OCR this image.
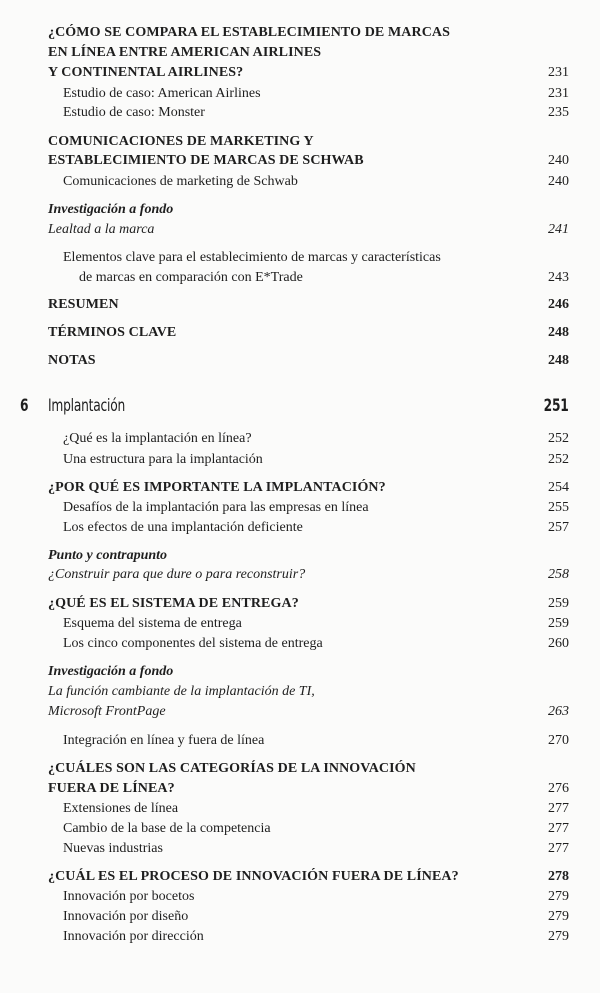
¿CÓMO SE COMPARA EL ESTABLECIMIENTO DE MARCAS
EN LÍNEA ENTRE AMERICAN AIRLINES
Y CONTINENTAL AIRLINES?	231
Estudio de caso: American Airlines	231
Estudio de caso: Monster	235
COMUNICACIONES DE MARKETING Y
ESTABLECIMIENTO DE MARCAS DE SCHWAB	240
Comunicaciones de marketing de Schwab	240
Investigación a fondo
Lealtad a la marca	241
Elementos clave para el establecimiento de marcas y características
de marcas en comparación con E*Trade	243
RESUMEN	246
TÉRMINOS CLAVE	248
NOTAS	248
6 Implantación	251
¿Qué es la implantación en línea?	252
Una estructura para la implantación	252
¿POR QUÉ ES IMPORTANTE LA IMPLANTACIÓN?	254
Desafíos de la implantación para las empresas en línea	255
Los efectos de una implantación deficiente	257
Punto y contrapunto
¿Construir para que dure o para reconstruir?	258
¿QUÉ ES EL SISTEMA DE ENTREGA?	259
Esquema del sistema de entrega	259
Los cinco componentes del sistema de entrega	260
Investigación a fondo
La función cambiante de la implantación de TI,
Microsoft FrontPage	263
Integración en línea y fuera de línea	270
¿CUÁLES SON LAS CATEGORÍAS DE LA INNOVACIÓN
FUERA DE LÍNEA?	276
Extensiones de línea	277
Cambio de la base de la competencia	277
Nuevas industrias	277
¿CUÁL ES EL PROCESO DE INNOVACIÓN FUERA DE LÍNEA?	278
Innovación por bocetos	279
Innovación por diseño	279
Innovación por dirección	279
